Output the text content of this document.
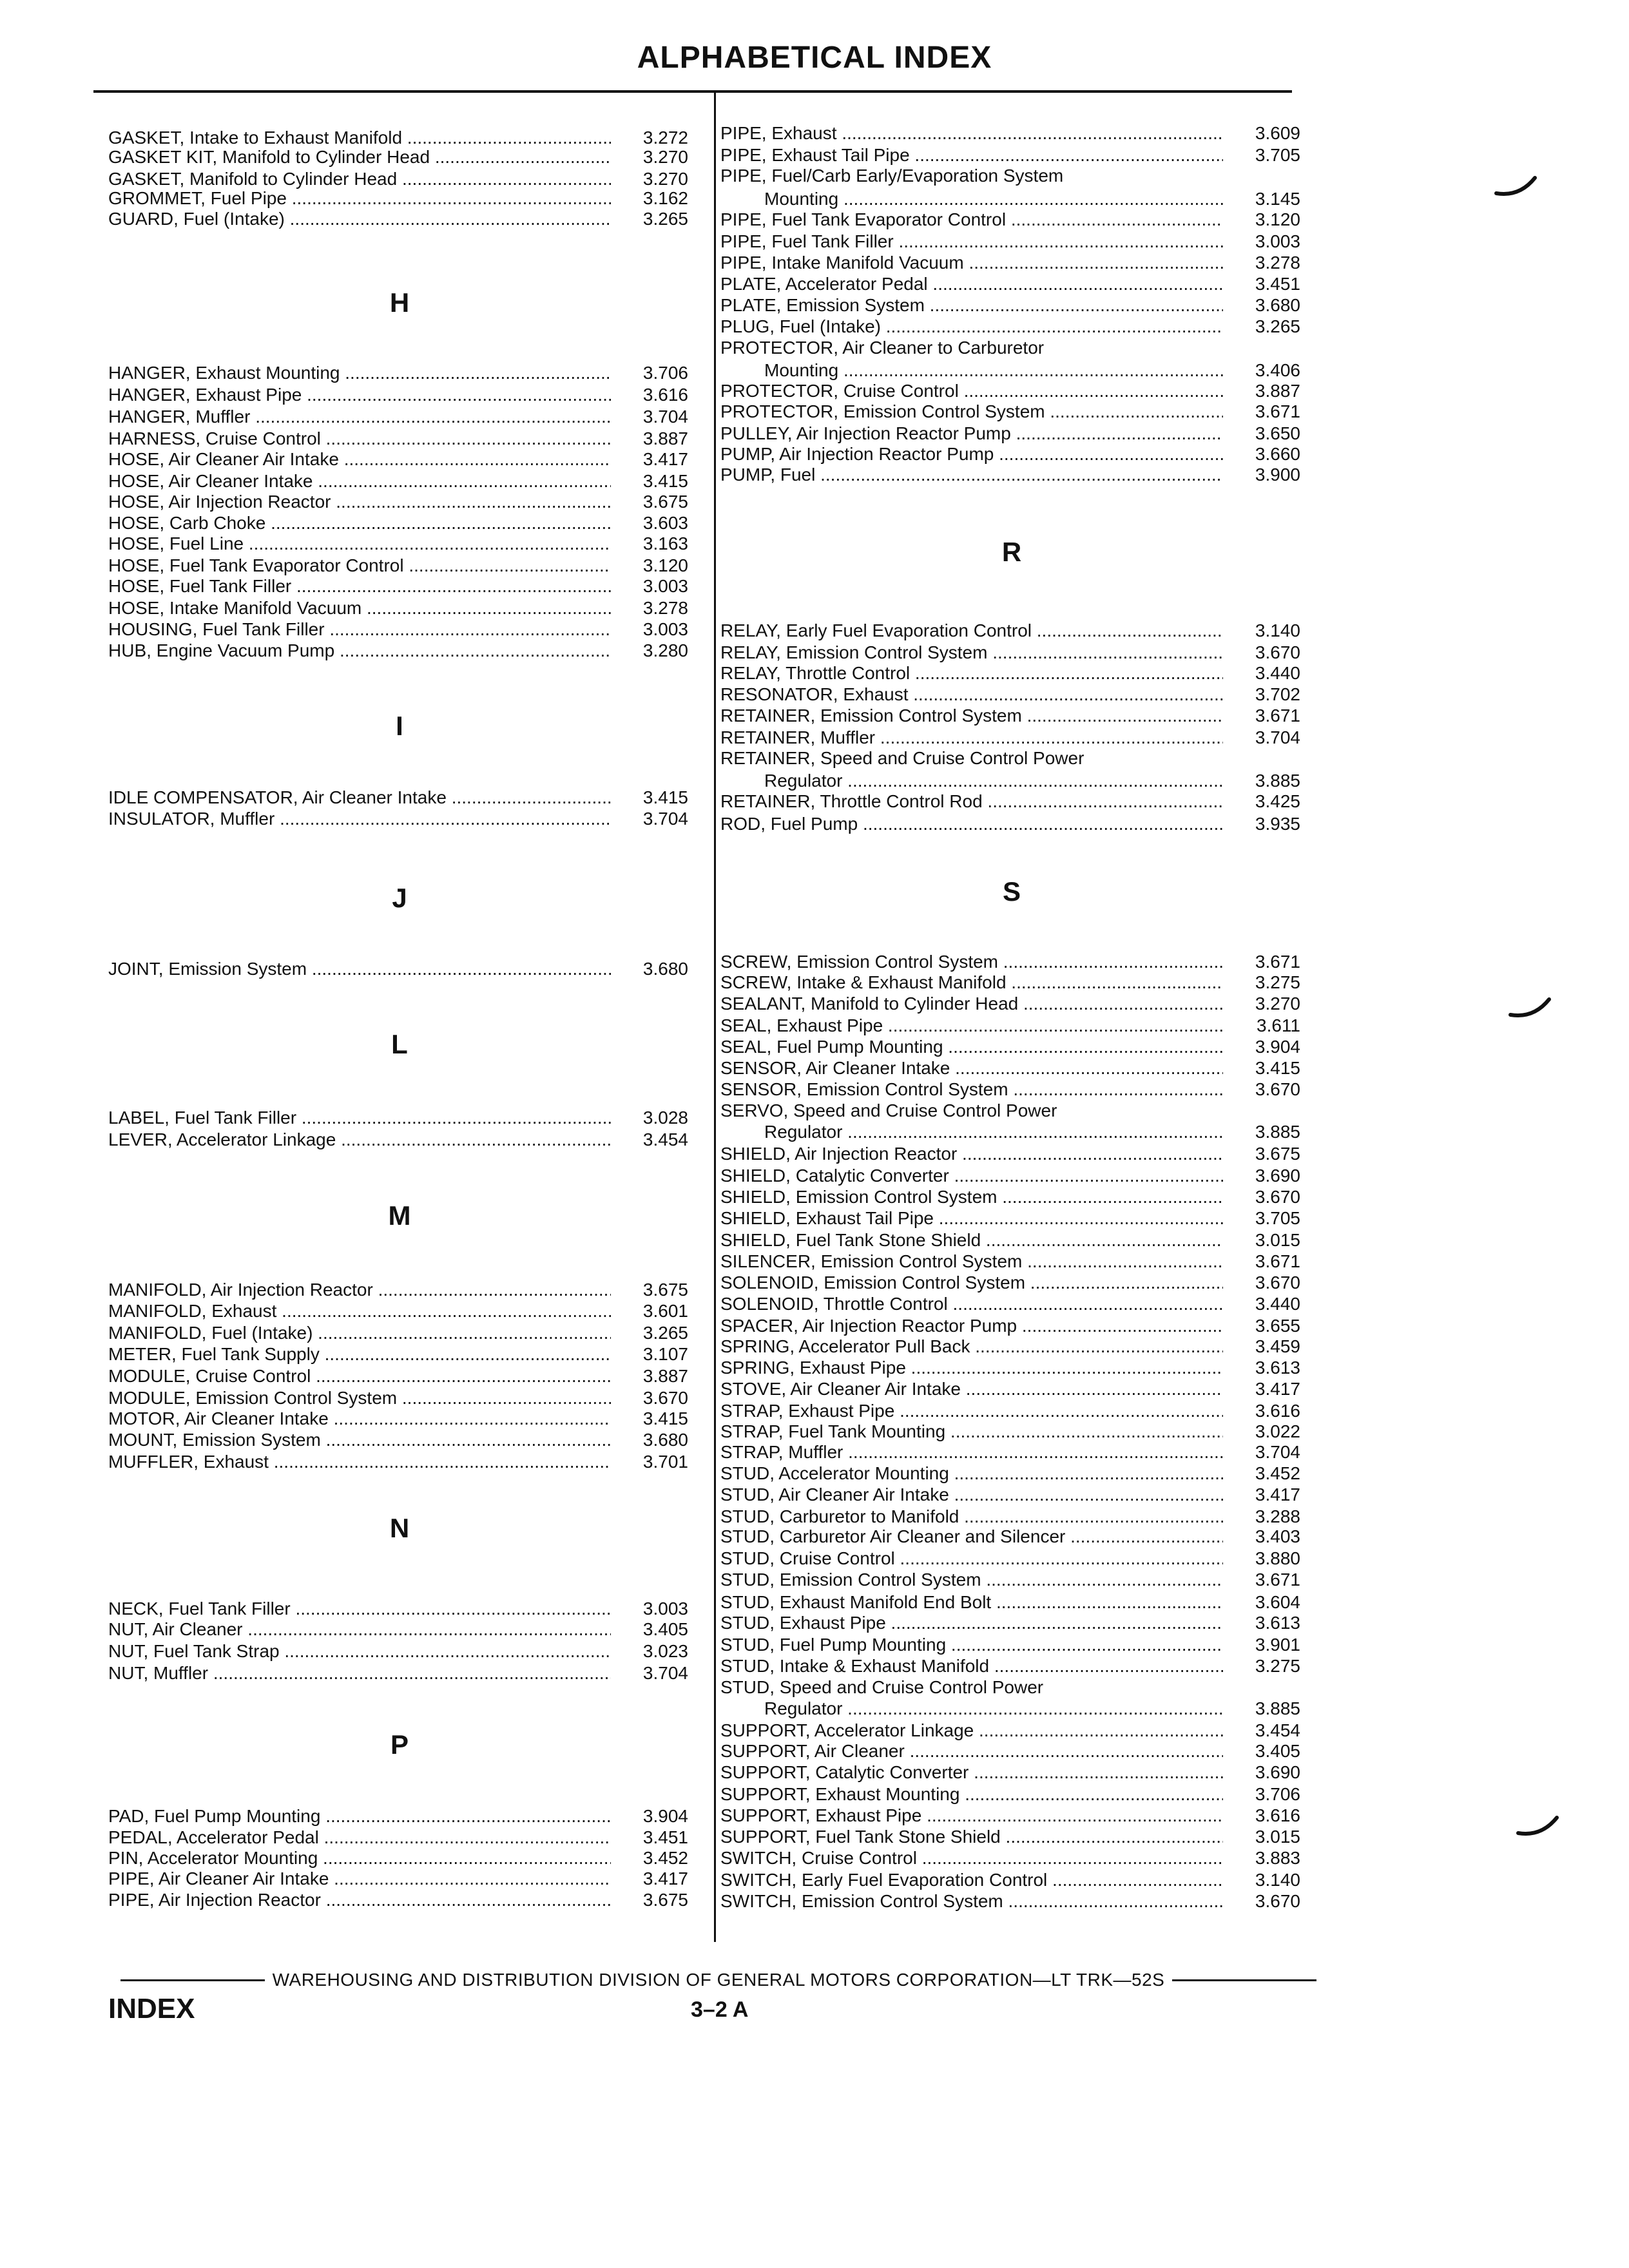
ALPHABETICAL INDEX
GASKET, Intake to Exhaust Manifold .....	3.272
GASKET KIT, Manifold to Cylinder Head .....	3.270
GASKET, Manifold to Cylinder Head .....	3.270
GROMMET, Fuel Pipe .....	3.162
GUARD, Fuel (Intake) .....	3.265
HANGER, Exhaust Mounting .....	3.706
HANGER, Exhaust Pipe .....	3.616
HANGER, Muffler .....	3.704
HARNESS, Cruise Control .....	3.887
HOSE, Air Cleaner Air Intake .....	3.417
HOSE, Air Cleaner Intake .....	3.415
HOSE, Air Injection Reactor .....	3.675
HOSE, Carb Choke .....	3.603
HOSE, Fuel Line .....	3.163
HOSE, Fuel Tank Evaporator Control .....	3.120
HOSE, Fuel Tank Filler .....	3.003
HOSE, Intake Manifold Vacuum .....	3.278
HOUSING, Fuel Tank Filler .....	3.003
HUB, Engine Vacuum Pump .....	3.280
IDLE COMPENSATOR, Air Cleaner Intake .....	3.415
INSULATOR, Muffler .....	3.704
JOINT, Emission System .....	3.680
LABEL, Fuel Tank Filler .....	3.028
LEVER, Accelerator Linkage .....	3.454
MANIFOLD, Air Injection Reactor .....	3.675
MANIFOLD, Exhaust .....	3.601
MANIFOLD, Fuel (Intake) .....	3.265
METER, Fuel Tank Supply .....	3.107
MODULE, Cruise Control .....	3.887
MODULE, Emission Control System .....	3.670
MOTOR, Air Cleaner Intake .....	3.415
MOUNT, Emission System .....	3.680
MUFFLER, Exhaust .....	3.701
NECK, Fuel Tank Filler .....	3.003
NUT, Air Cleaner .....	3.405
NUT, Fuel Tank Strap .....	3.023
NUT, Muffler .....	3.704
PAD, Fuel Pump Mounting .....	3.904
PEDAL, Accelerator Pedal .....	3.451
PIN, Accelerator Mounting .....	3.452
PIPE, Air Cleaner Air Intake .....	3.417
PIPE, Air Injection Reactor .....	3.675
H
I
J
L
M
N
P
PIPE, Exhaust .....	3.609
PIPE, Exhaust Tail Pipe .....	3.705
PIPE, Fuel/Carb Early/Evaporation System
Mounting .....	3.145
PIPE, Fuel Tank Evaporator Control .....	3.120
PIPE, Fuel Tank Filler .....	3.003
PIPE, Intake Manifold Vacuum .....	3.278
PLATE, Accelerator Pedal .....	3.451
PLATE, Emission System .....	3.680
PLUG, Fuel (Intake) .....	3.265
PROTECTOR, Air Cleaner to Carburetor
Mounting .....	3.406
PROTECTOR, Cruise Control .....	3.887
PROTECTOR, Emission Control System .....	3.671
PULLEY, Air Injection Reactor Pump .....	3.650
PUMP, Air Injection Reactor Pump .....	3.660
PUMP, Fuel .....	3.900
RELAY, Early Fuel Evaporation Control .....	3.140
RELAY, Emission Control System .....	3.670
RELAY, Throttle Control .....	3.440
RESONATOR, Exhaust .....	3.702
RETAINER, Emission Control System .....	3.671
RETAINER, Muffler .....	3.704
RETAINER, Speed and Cruise Control Power
Regulator .....	3.885
RETAINER, Throttle Control Rod .....	3.425
ROD, Fuel Pump .....	3.935
SCREW, Emission Control System .....	3.671
SCREW, Intake & Exhaust Manifold .....	3.275
SEALANT, Manifold to Cylinder Head .....	3.270
SEAL, Exhaust Pipe .....	3.611
SEAL, Fuel Pump Mounting .....	3.904
SENSOR, Air Cleaner Intake .....	3.415
SENSOR, Emission Control System .....	3.670
SERVO, Speed and Cruise Control Power
Regulator .....	3.885
SHIELD, Air Injection Reactor .....	3.675
SHIELD, Catalytic Converter .....	3.690
SHIELD, Emission Control System .....	3.670
SHIELD, Exhaust Tail Pipe .....	3.705
SHIELD, Fuel Tank Stone Shield .....	3.015
SILENCER, Emission Control System .....	3.671
SOLENOID, Emission Control System .....	3.670
SOLENOID, Throttle Control .....	3.440
SPACER, Air Injection Reactor Pump .....	3.655
SPRING, Accelerator Pull Back .....	3.459
SPRING, Exhaust Pipe .....	3.613
STOVE, Air Cleaner Air Intake .....	3.417
STRAP, Exhaust Pipe .....	3.616
STRAP, Fuel Tank Mounting .....	3.022
STRAP, Muffler .....	3.704
STUD, Accelerator Mounting .....	3.452
STUD, Air Cleaner Air Intake .....	3.417
STUD, Carburetor to Manifold .....	3.288
STUD, Carburetor Air Cleaner and Silencer .....	3.403
STUD, Cruise Control .....	3.880
STUD, Emission Control System .....	3.671
STUD, Exhaust Manifold End Bolt .....	3.604
STUD, Exhaust Pipe .....	3.613
STUD, Fuel Pump Mounting .....	3.901
STUD, Intake & Exhaust Manifold .....	3.275
STUD, Speed and Cruise Control Power
Regulator .....	3.885
SUPPORT, Accelerator Linkage .....	3.454
SUPPORT, Air Cleaner .....	3.405
SUPPORT, Catalytic Converter .....	3.690
SUPPORT, Exhaust Mounting .....	3.706
SUPPORT, Exhaust Pipe .....	3.616
SUPPORT, Fuel Tank Stone Shield .....	3.015
SWITCH, Cruise Control .....	3.883
SWITCH, Early Fuel Evaporation Control .....	3.140
SWITCH, Emission Control System .....	3.670
R
S
WAREHOUSING AND DISTRIBUTION DIVISION OF GENERAL MOTORS CORPORATION—LT TRK—52S
INDEX	3–2 A
